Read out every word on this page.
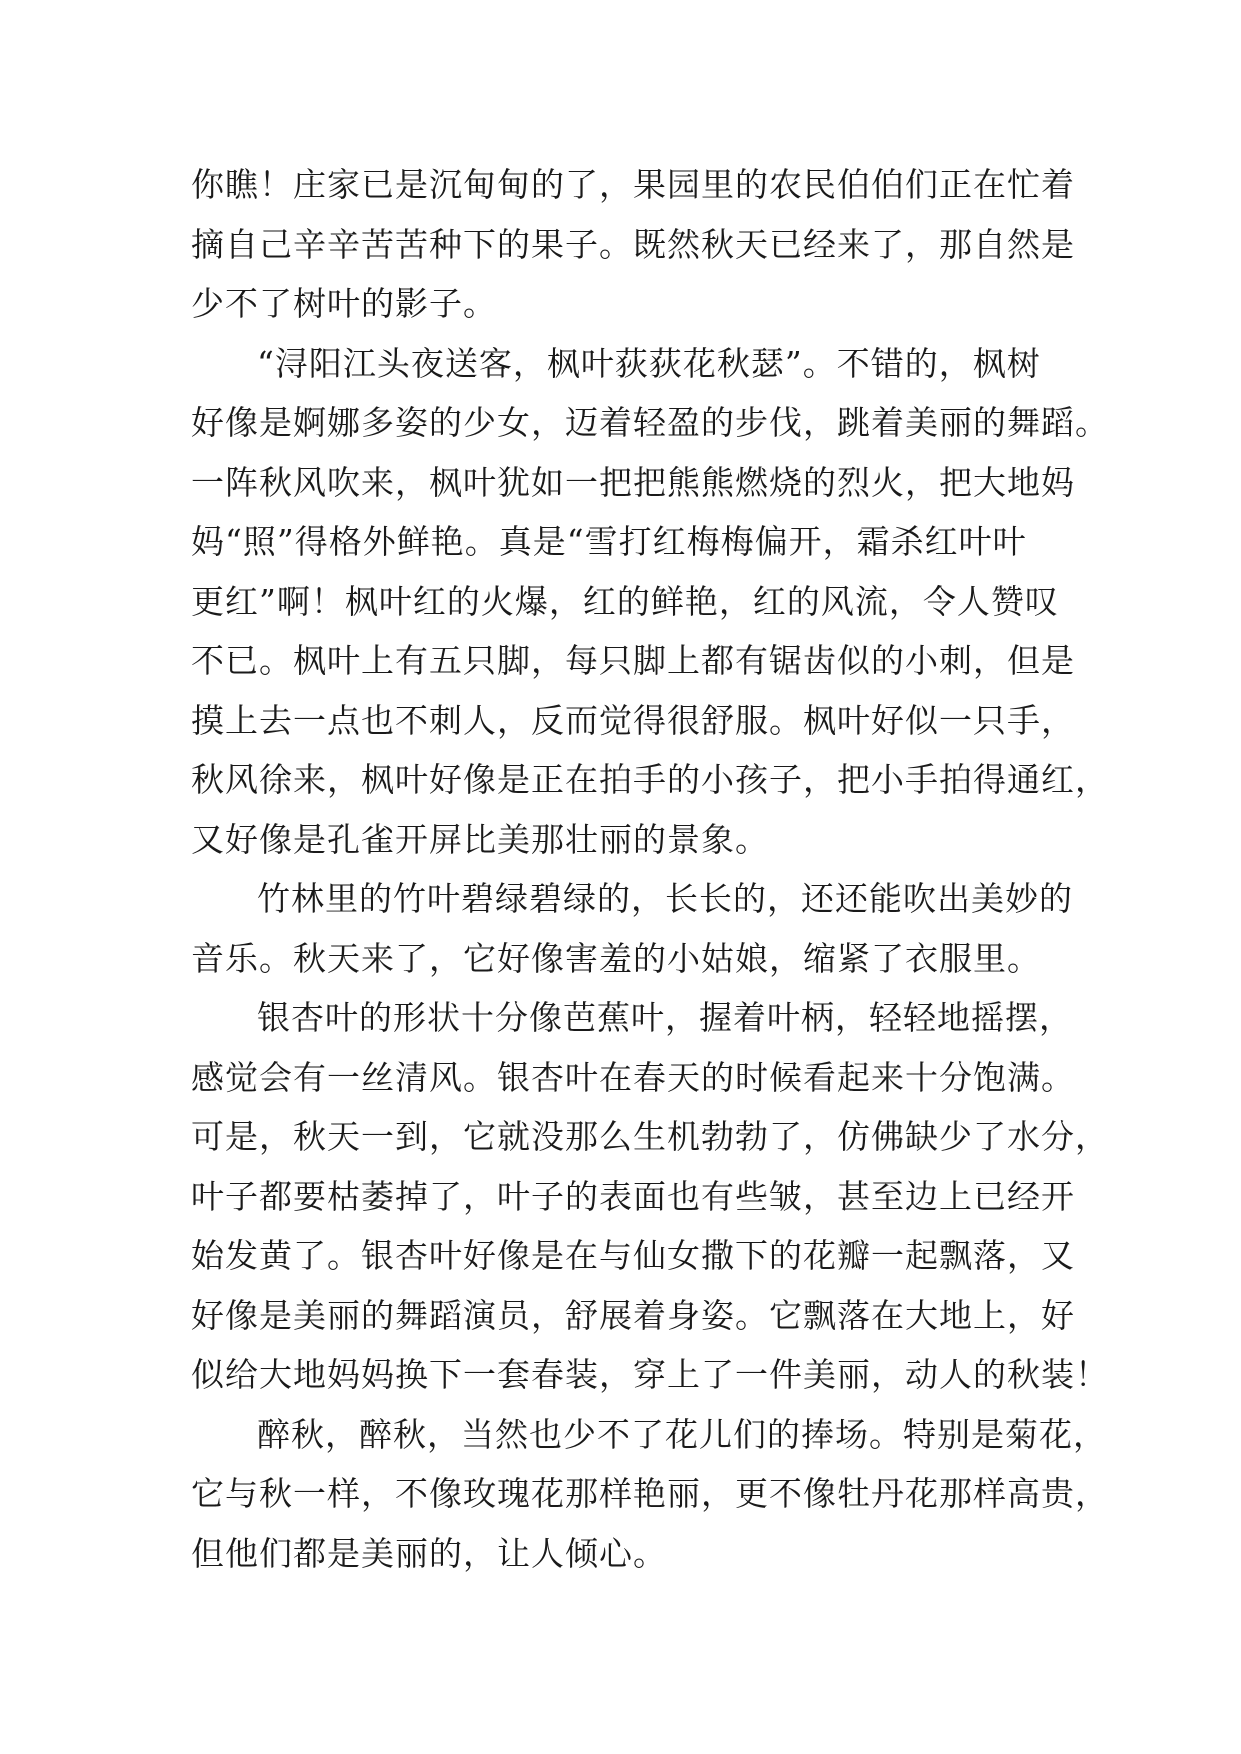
你瞧！庄家已是沉甸甸的了，果园里的农民伯伯们正在忙着
摘自己辛辛苦苦种下的果子。既然秋天已经来了，那自然是
少不了树叶的影子。
“浔阳江头夜送客，枫叶荻荻花秋瑟”。不错的，枫树
好像是婀娜多姿的少女，迈着轻盈的步伐，跳着美丽的舞蹈。
一阵秋风吹来，枫叶犹如一把把熊熊燃烧的烈火，把大地妈
妈“照”得格外鲜艳。真是“雪打红梅梅偏开，霜杀红叶叶
更红”啊！枫叶红的火爆，红的鲜艳，红的风流，令人赞叹
不已。枫叶上有五只脚，每只脚上都有锯齿似的小刺，但是
摸上去一点也不刺人，反而觉得很舒服。枫叶好似一只手，
秋风徐来，枫叶好像是正在拍手的小孩子，把小手拍得通红，
又好像是孔雀开屏比美那壮丽的景象。
竹林里的竹叶碧绿碧绿的，长长的，还还能吹出美妙的
音乐。秋天来了，它好像害羞的小姑娘，缩紧了衣服里。
银杏叶的形状十分像芭蕉叶，握着叶柄，轻轻地摇摆，
感觉会有一丝清风。银杏叶在春天的时候看起来十分饱满。
可是，秋天一到，它就没那么生机勃勃了，仿佛缺少了水分，
叶子都要枯萎掉了，叶子的表面也有些皱，甚至边上已经开
始发黄了。银杏叶好像是在与仙女撒下的花瓣一起飘落，又
好像是美丽的舞蹈演员，舒展着身姿。它飘落在大地上，好
似给大地妈妈换下一套春装，穿上了一件美丽，动人的秋装！
醉秋，醉秋，当然也少不了花儿们的捧场。特别是菊花，
它与秋一样，不像玫瑰花那样艳丽，更不像牡丹花那样高贵，
但他们都是美丽的，让人倾心。
